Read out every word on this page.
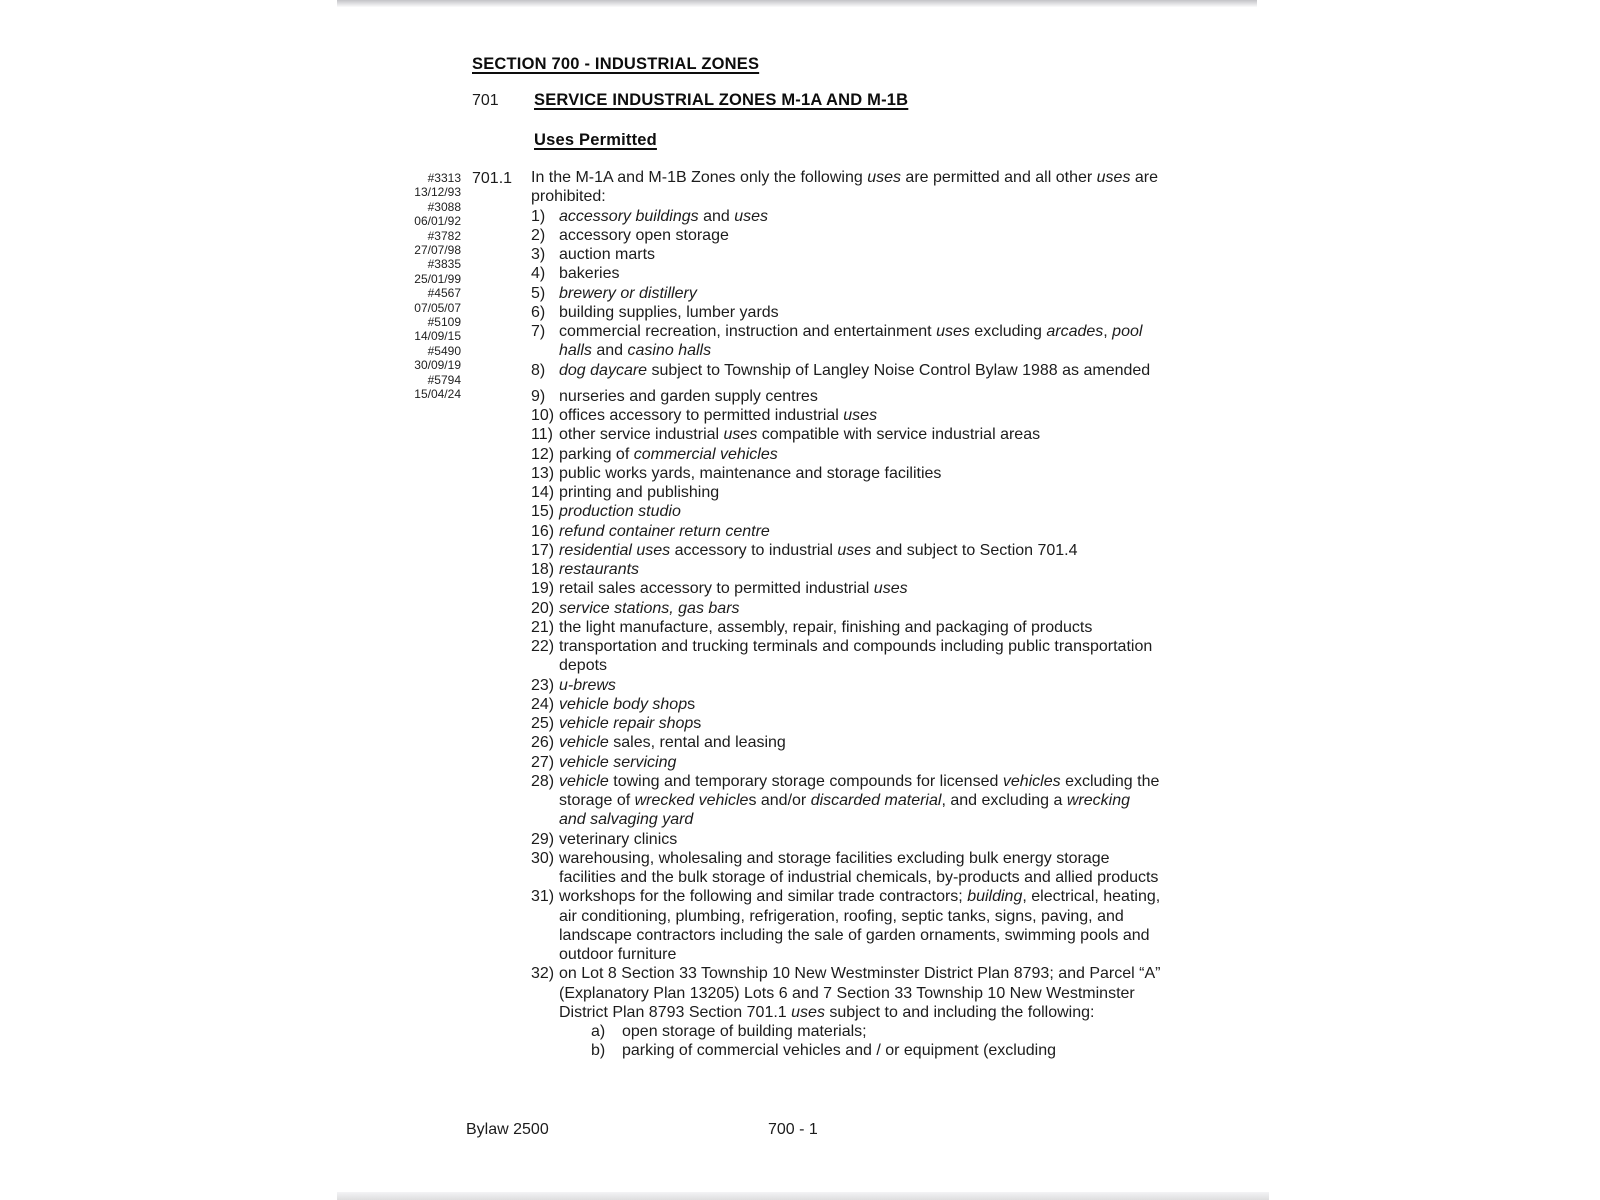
SECTION 700 - INDUSTRIAL ZONES
701 SERVICE INDUSTRIAL ZONES M-1A AND M-1B
Uses Permitted
#3313
13/12/93
#3088
06/01/92
#3782
27/07/98
#3835
25/01/99
#4567
07/05/07
#5109
14/09/15
#5490
30/09/19
#5794
15/04/24
701.1 In the M-1A and M-1B Zones only the following uses are permitted and all other uses are prohibited:

1) accessory buildings and uses
2) accessory open storage
3) auction marts
4) bakeries
5) brewery or distillery
6) building supplies, lumber yards
7) commercial recreation, instruction and entertainment uses excluding arcades, pool halls and casino halls
8) dog daycare subject to Township of Langley Noise Control Bylaw 1988 as amended
9) nurseries and garden supply centres
10) offices accessory to permitted industrial uses
11) other service industrial uses compatible with service industrial areas
12) parking of commercial vehicles
13) public works yards, maintenance and storage facilities
14) printing and publishing
15) production studio
16) refund container return centre
17) residential uses accessory to industrial uses and subject to Section 701.4
18) restaurants
19) retail sales accessory to permitted industrial uses
20) service stations, gas bars
21) the light manufacture, assembly, repair, finishing and packaging of products
22) transportation and trucking terminals and compounds including public transportation depots
23) u-brews
24) vehicle body shops
25) vehicle repair shops
26) vehicle sales, rental and leasing
27) vehicle servicing
28) vehicle towing and temporary storage compounds for licensed vehicles excluding the storage of wrecked vehicles and/or discarded material, and excluding a wrecking and salvaging yard
29) veterinary clinics
30) warehousing, wholesaling and storage facilities excluding bulk energy storage facilities and the bulk storage of industrial chemicals, by-products and allied products
31) workshops for the following and similar trade contractors; building, electrical, heating, air conditioning, plumbing, refrigeration, roofing, septic tanks, signs, paving, and landscape contractors including the sale of garden ornaments, swimming pools and outdoor furniture
32) on Lot 8 Section 33 Township 10 New Westminster District Plan 8793; and Parcel “A” (Explanatory Plan 13205) Lots 6 and 7 Section 33 Township 10 New Westminster District Plan 8793 Section 701.1 uses subject to and including the following:
a) open storage of building materials;
b) parking of commercial vehicles and / or equipment (excluding
Bylaw 2500	700 - 1
